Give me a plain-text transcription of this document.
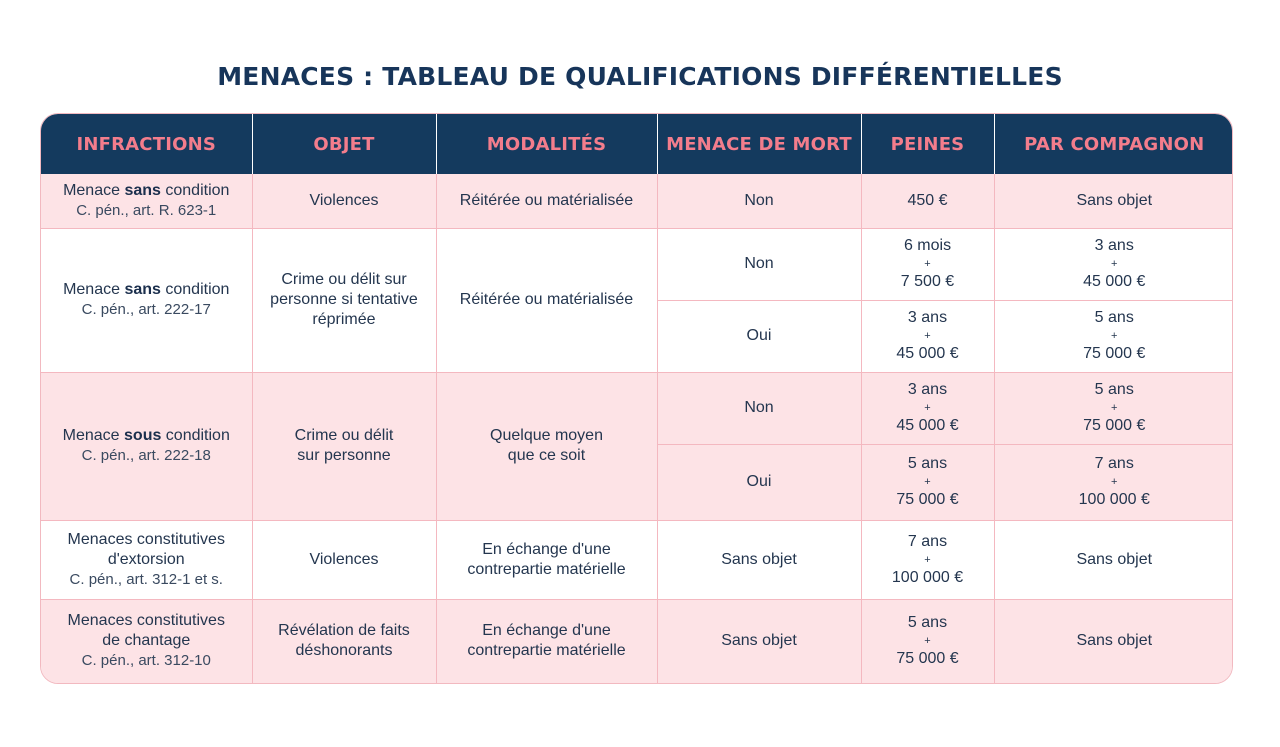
MENACES : TABLEAU DE QUALIFICATIONS DIFFÉRENTIELLES
INFRACTIONS	OBJET	MODALITÉS	MENACE DE MORT	PEINES	PAR COMPAGNON

Menace sans condition
C. pén., art. R. 623-1	Violences	Réitérée ou matérialisée	Non	450 €	Sans objet

Menace sans condition
C. pén., art. 222-17	Crime ou délit sur
personne si tentative
réprimée	Réitérée ou matérialisée	Non	6 mois
+
7 500 €	3 ans
+
45 000 €

			Oui	3 ans
+
45 000 €	5 ans
+
75 000 €

Menace sous condition
C. pén., art. 222-18	Crime ou délit
sur personne	Quelque moyen
que ce soit	Non	3 ans
+
45 000 €	5 ans
+
75 000 €

			Oui	5 ans
+
75 000 €	7 ans
+
100 000 €

Menaces constitutives
d'extorsion
C. pén., art. 312-1 et s.	Violences	En échange d'une
contrepartie matérielle	Sans objet	7 ans
+
100 000 €	Sans objet

Menaces constitutives
de chantage
C. pén., art. 312-10	Révélation de faits
déshonorants	En échange d'une
contrepartie matérielle	Sans objet	5 ans
+
75 000 €	Sans objet
